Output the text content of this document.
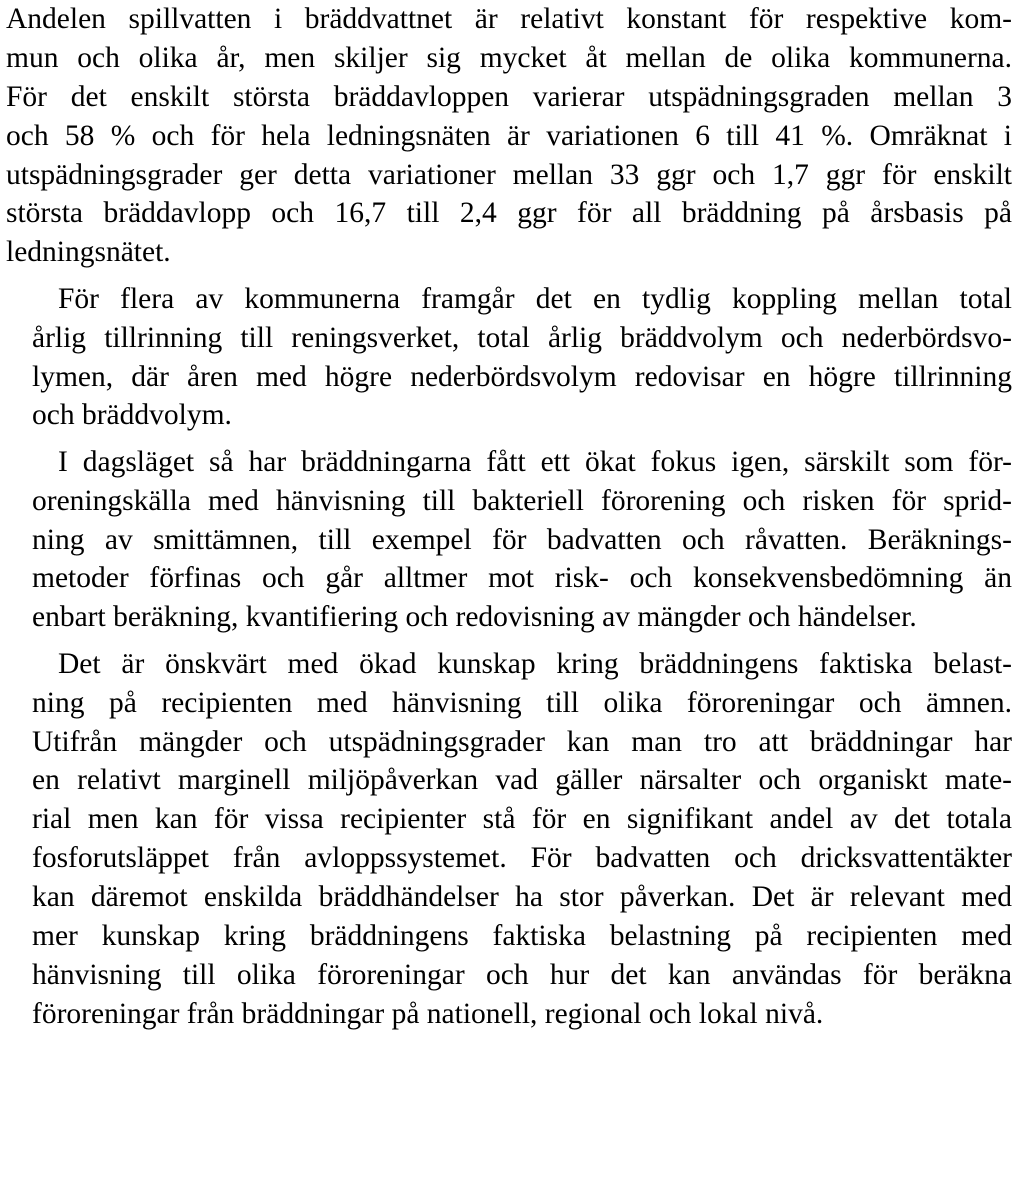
Andelen spillvatten i bräddvattnet är relativt konstant för respektive kom-
mun och olika år, men skiljer sig mycket åt mellan de olika kommunerna.
För det enskilt största bräddavloppen varierar utspädningsgraden mellan 3
och 58 % och för hela ledningsnäten är variationen 6 till 41 %. Omräknat i
utspädningsgrader ger detta variationer mellan 33 ggr och 1,7 ggr för enskilt
största bräddavlopp och 16,7 till 2,4 ggr för all bräddning på årsbasis på
ledningsnätet.

För flera av kommunerna framgår det en tydlig koppling mellan total
årlig tillrinning till reningsverket, total årlig bräddvolym och nederbördsvo-
lymen, där åren med högre nederbördsvolym redovisar en högre tillrinning
och bräddvolym.

I dagsläget så har bräddningarna fått ett ökat fokus igen, särskilt som för-
oreningskälla med hänvisning till bakteriell förorening och risken för sprid-
ning av smittämnen, till exempel för badvatten och råvatten. Beräknings-
metoder förfinas och går alltmer mot risk- och konsekvensbedömning än
enbart beräkning, kvantifiering och redovisning av mängder och händelser.

Det är önskvärt med ökad kunskap kring bräddningens faktiska belast-
ning på recipienten med hänvisning till olika föroreningar och ämnen.
Utifrån mängder och utspädningsgrader kan man tro att bräddningar har
en relativt marginell miljöpåverkan vad gäller närsalter och organiskt mate-
rial men kan för vissa recipienter stå för en signifikant andel av det totala
fosforutsläppet från avloppssystemet. För badvatten och dricksvattentäkter
kan däremot enskilda bräddhändelser ha stor påverkan. Det är relevant med
mer kunskap kring bräddningens faktiska belastning på recipienten med
hänvisning till olika föroreningar och hur det kan användas för beräkna
föroreningar från bräddningar på nationell, regional och lokal nivå.
